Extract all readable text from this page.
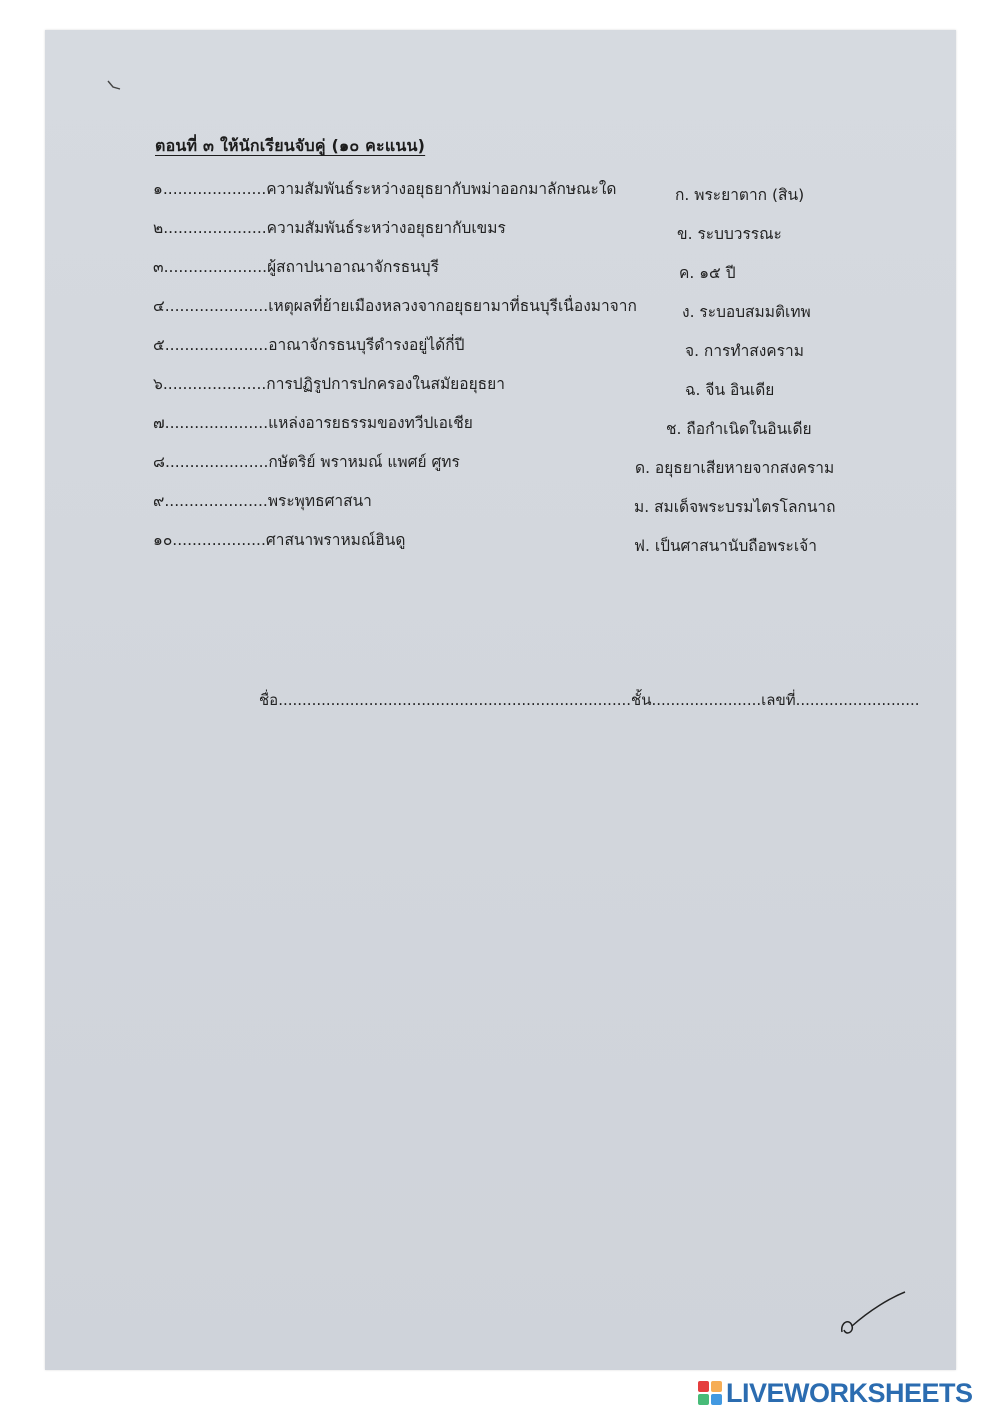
ตอนที่ ๓ ให้นักเรียนจับคู่ (๑๐ คะแนน)
๑.....................ความสัมพันธ์ระหว่างอยุธยากับพม่าออกมาลักษณะใด
๒.....................ความสัมพันธ์ระหว่างอยุธยากับเขมร
๓.....................ผู้สถาปนาอาณาจักรธนบุรี
๔.....................เหตุผลที่ย้ายเมืองหลวงจากอยุธยามาที่ธนบุรีเนื่องมาจาก
๕.....................อาณาจักรธนบุรีดำรงอยู่ได้กี่ปี
๖.....................การปฏิรูปการปกครองในสมัยอยุธยา
๗.....................แหล่งอารยธรรมของทวีปเอเชีย
๘.....................กษัตริย์ พราหมณ์ แพศย์ ศูทร
๙.....................พระพุทธศาสนา
๑๐...................ศาสนาพราหมณ์ฮินดู
ก. พระยาตาก (สิน)
ข. ระบบวรรณะ
ค. ๑๕ ปี
ง. ระบอบสมมติเทพ
จ. การทำสงคราม
ฉ. จีน อินเดีย
ช. ถือกำเนิดในอินเดีย
ด. อยุธยาเสียหายจากสงคราม
ม. สมเด็จพระบรมไตรโลกนาถ
ฟ. เป็นศาสนานับถือพระเจ้า
ชื่อ..........................................................................ชั้น.......................เลขที่..........................
LIVEWORKSHEETS
